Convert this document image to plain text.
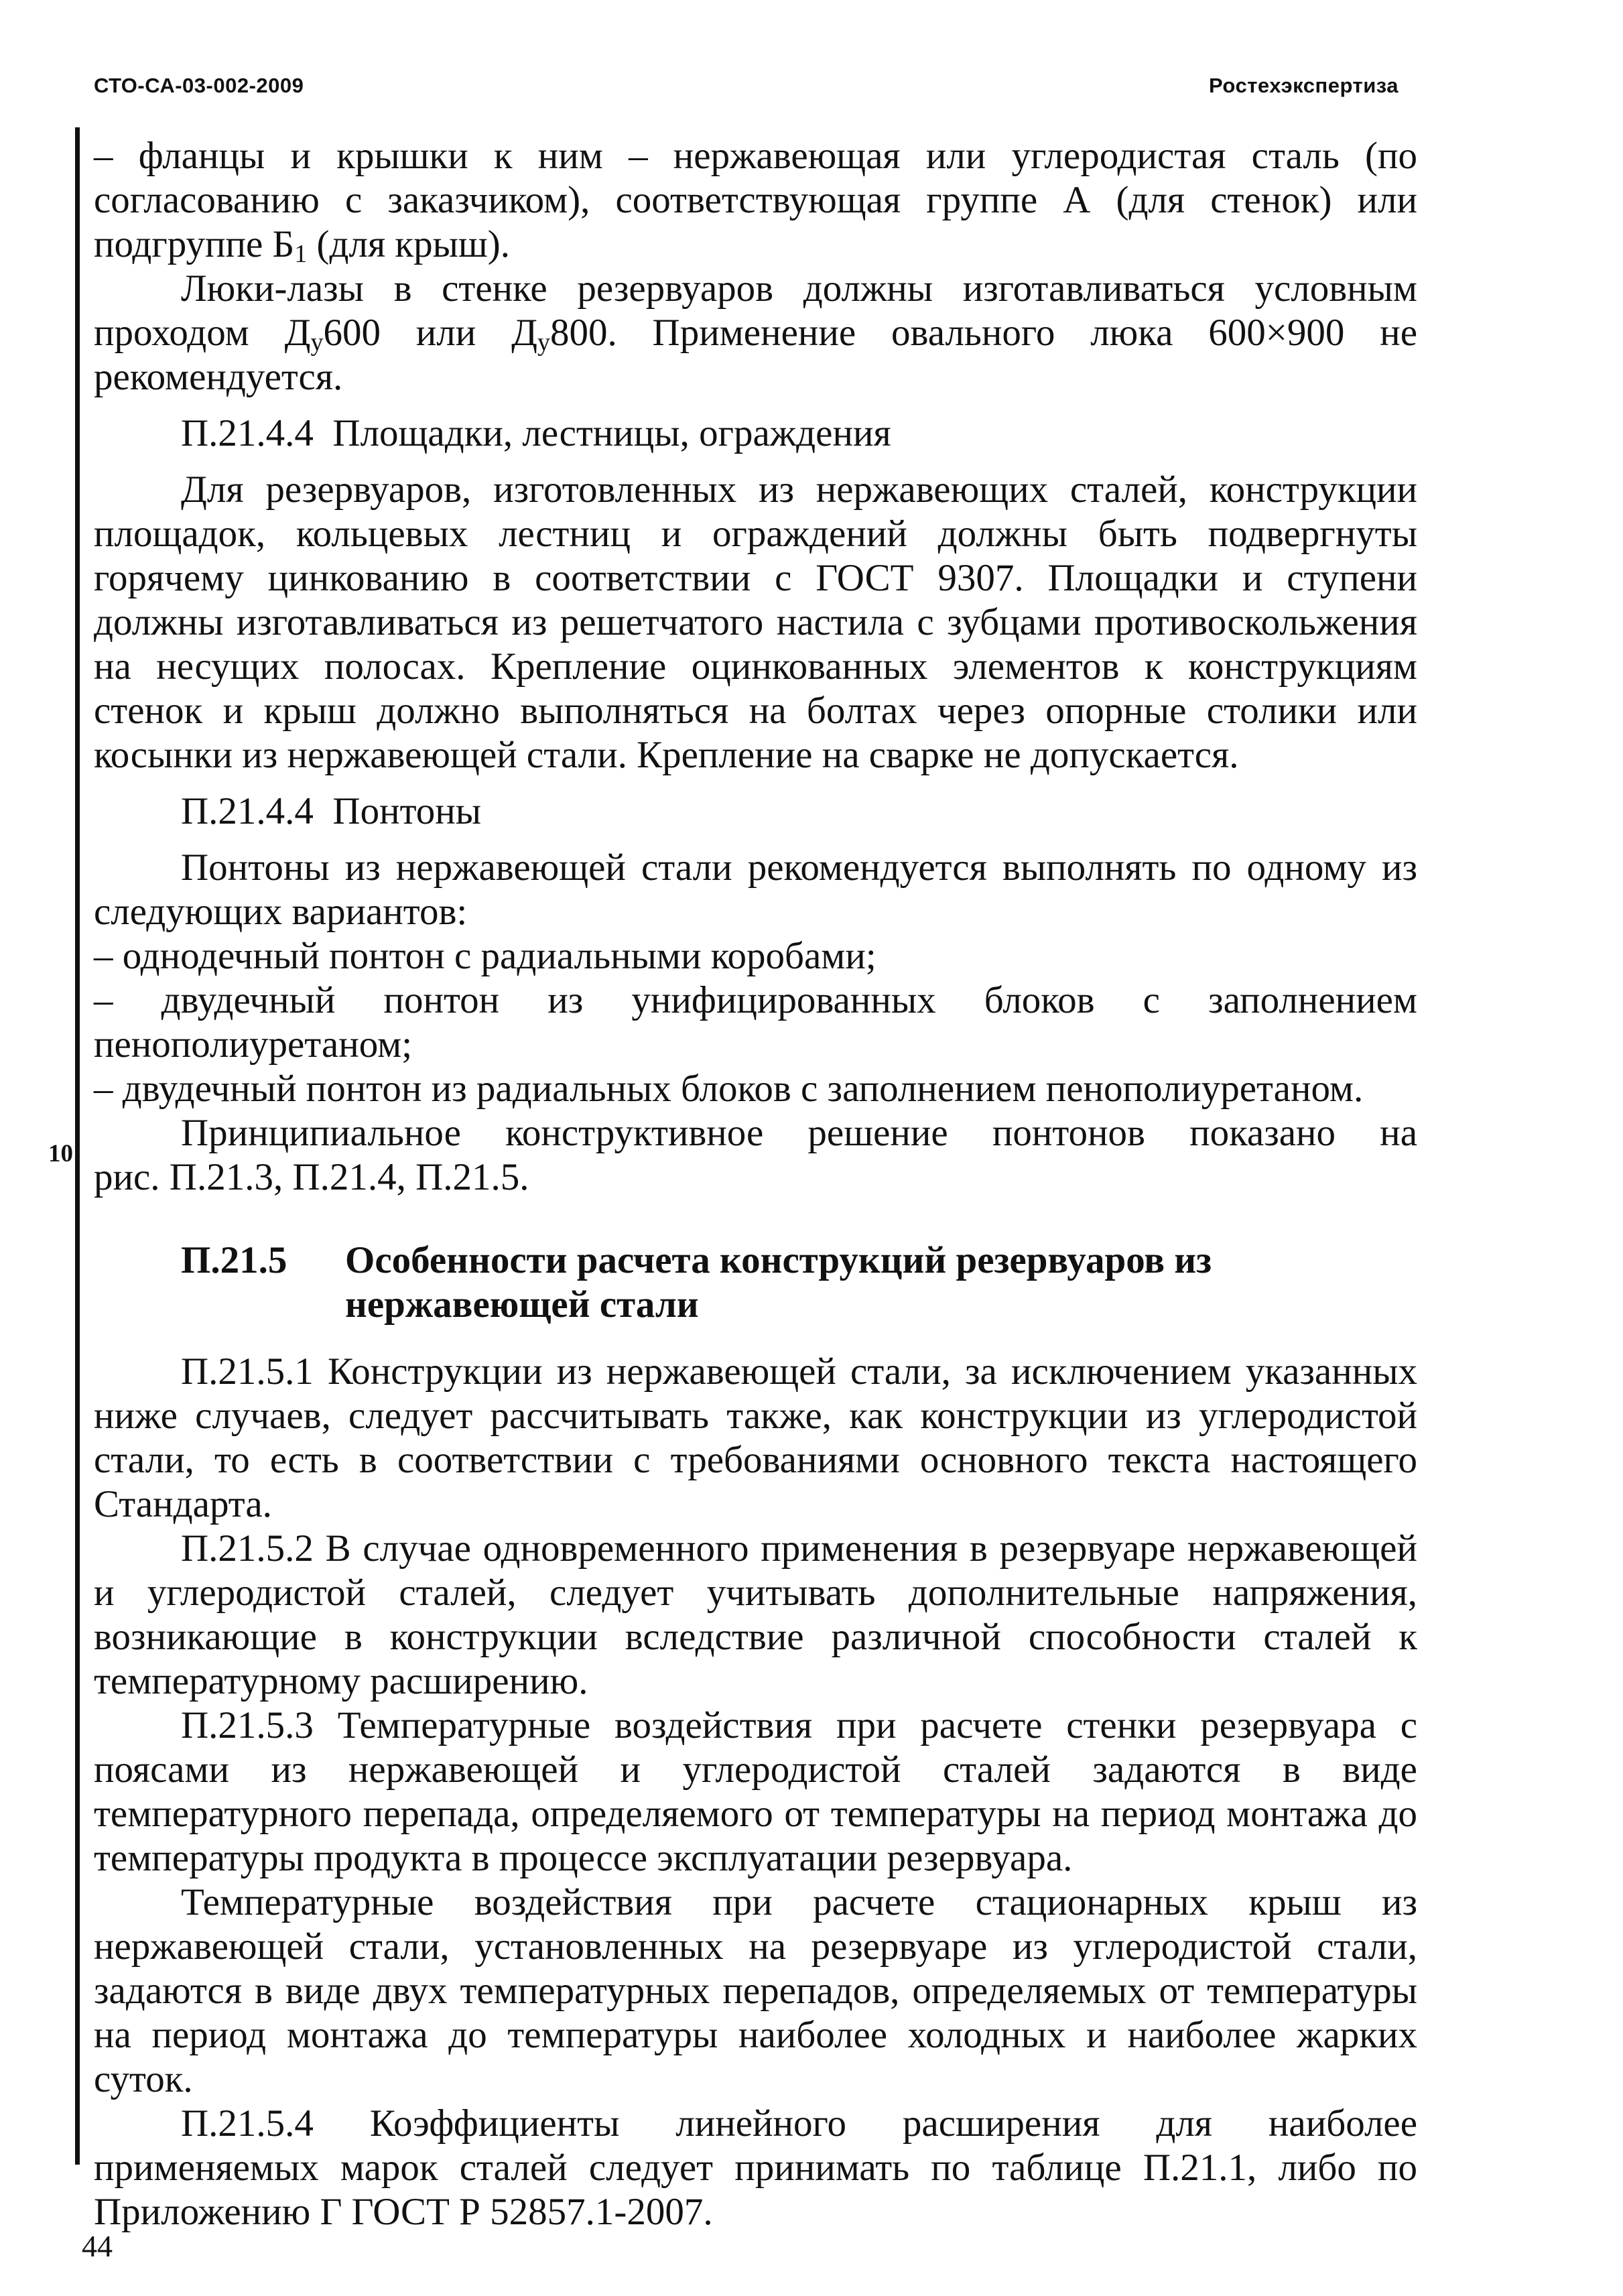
СТО-СА-03-002-2009	Ростехэкспертиза
10

– фланцы и крышки к ним – нержавеющая или углеродистая сталь (по согласованию с заказчиком), соответствующая группе А (для стенок) или подгруппе $Б_1$ (для крыш).

Люки-лазы в стенке резервуаров должны изготавливаться условным проходом $Д_у600$ или $Д_у800$. Применение овального люка 600×900 не рекомендуется.

П.21.4.4  Площадки, лестницы, ограждения

Для резервуаров, изготовленных из нержавеющих сталей, конструкции площадок, кольцевых лестниц и ограждений должны быть подвергнуты горячему цинкованию в соответствии с ГОСТ 9307. Площадки и ступени должны изготавливаться из решетчатого настила с зубцами противоскольжения на несущих полосах. Крепление оцинкованных элементов к конструкциям стенок и крыш должно выполняться на болтах через опорные столики или косынки из нержавеющей стали. Крепление на сварке не допускается.

П.21.4.4  Понтоны

Понтоны из нержавеющей стали рекомендуется выполнять по одному из следующих вариантов:

– однодечный понтон с радиальными коробами;

– двудечный понтон из унифицированных блоков с заполнением пенополиуретаном;

– двудечный понтон из радиальных блоков с заполнением пенополиуретаном.

Принципиальное конструктивное решение понтонов показано на

рис. П.21.3, П.21.4, П.21.5.

П.21.5	Особенности расчета конструкций резервуаров из нержавеющей стали

П.21.5.1 Конструкции из нержавеющей стали, за исключением указанных ниже случаев, следует рассчитывать также, как конструкции из углеродистой стали, то есть в соответствии с требованиями основного текста настоящего Стандарта.

П.21.5.2 В случае одновременного применения в резервуаре нержавеющей и углеродистой сталей, следует учитывать дополнительные напряжения, возникающие в конструкции вследствие различной способности сталей к температурному расширению.

П.21.5.3 Температурные воздействия при расчете стенки резервуара с поясами из нержавеющей и углеродистой сталей задаются в виде температурного перепада, определяемого от температуры на период монтажа до температуры продукта в процессе эксплуатации резервуара.

Температурные воздействия при расчете стационарных крыш из нержавеющей стали, установленных на резервуаре из углеродистой стали, задаются в виде двух температурных перепадов, определяемых от температуры на период монтажа до температуры наиболее холодных и наиболее жарких суток.

П.21.5.4 Коэффициенты линейного расширения для наиболее применяемых марок сталей следует принимать по таблице П.21.1, либо по Приложению Г ГОСТ Р 52857.1-2007.

44
